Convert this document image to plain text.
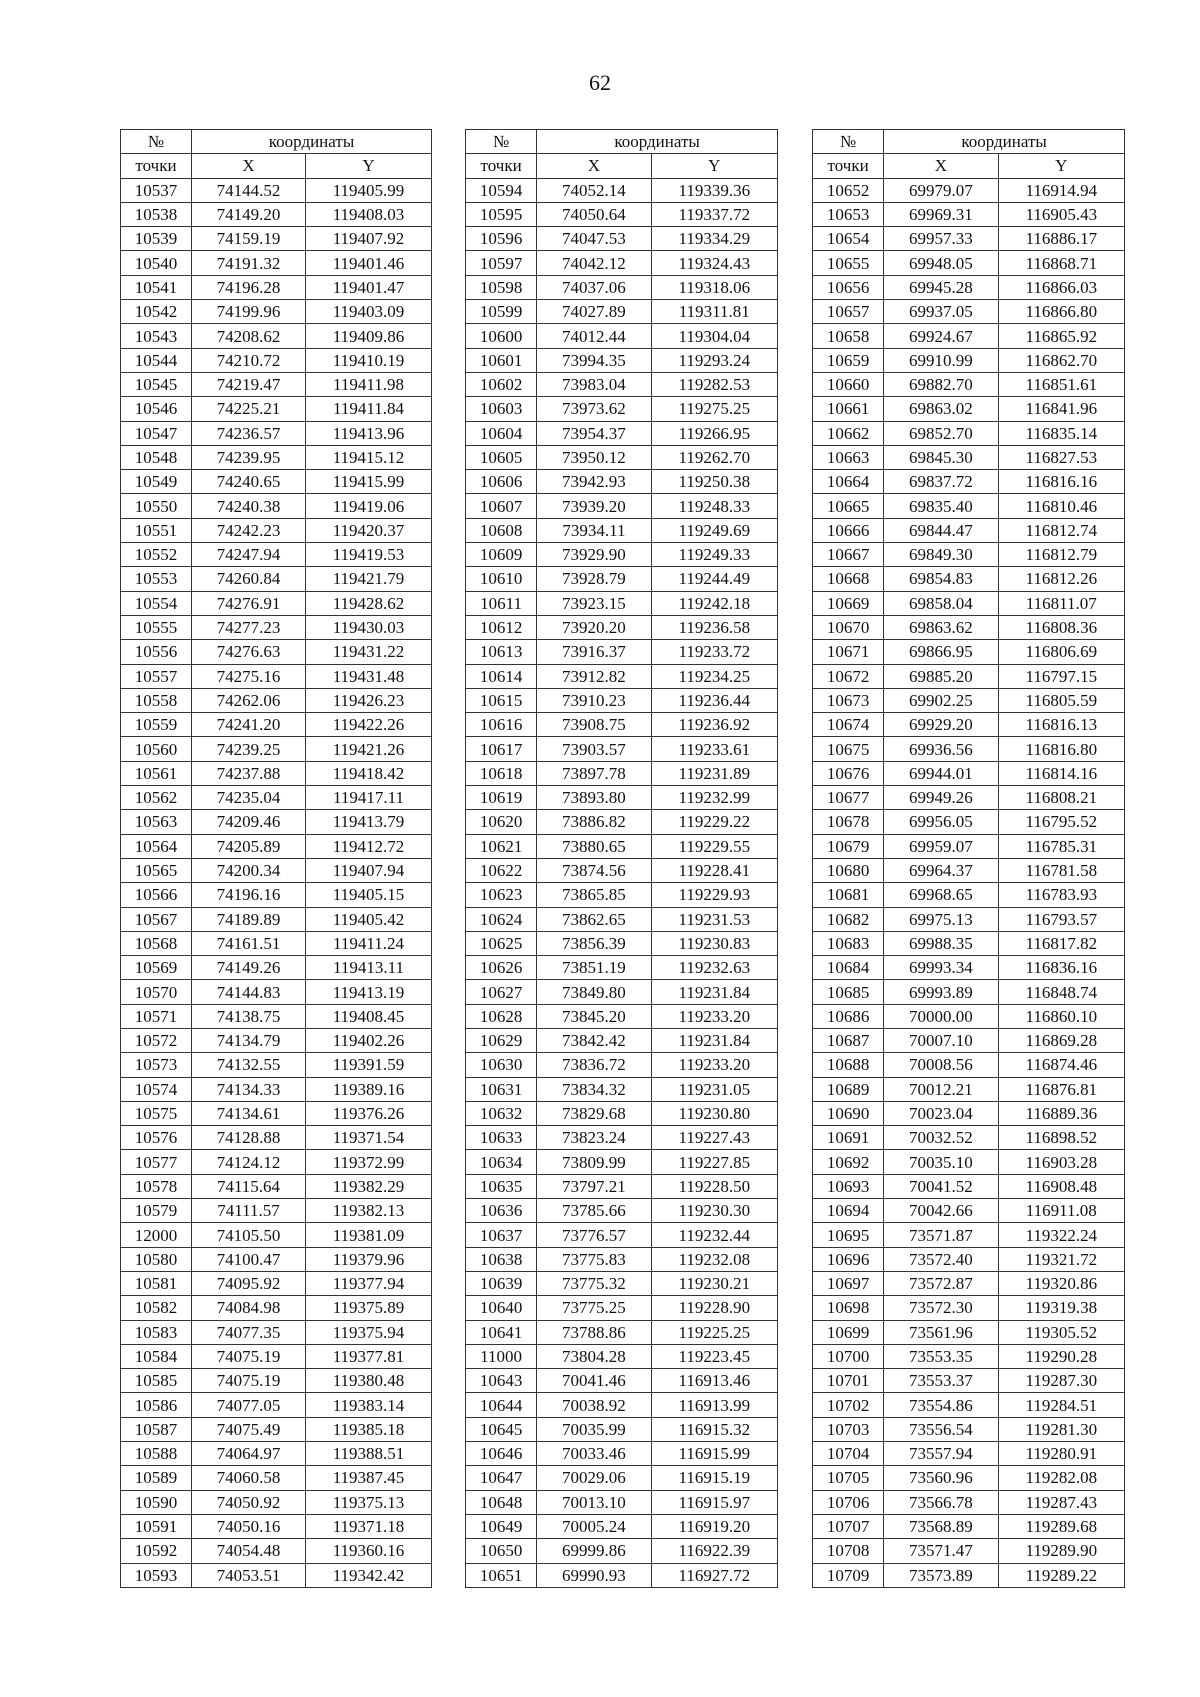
62
№	координаты	
точки	X	Y
10537	74144.52	119405.99
10538	74149.20	119408.03
10539	74159.19	119407.92
10540	74191.32	119401.46
10541	74196.28	119401.47
10542	74199.96	119403.09
10543	74208.62	119409.86
10544	74210.72	119410.19
10545	74219.47	119411.98
10546	74225.21	119411.84
10547	74236.57	119413.96
10548	74239.95	119415.12
10549	74240.65	119415.99
10550	74240.38	119419.06
10551	74242.23	119420.37
10552	74247.94	119419.53
10553	74260.84	119421.79
10554	74276.91	119428.62
10555	74277.23	119430.03
10556	74276.63	119431.22
10557	74275.16	119431.48
10558	74262.06	119426.23
10559	74241.20	119422.26
10560	74239.25	119421.26
10561	74237.88	119418.42
10562	74235.04	119417.11
10563	74209.46	119413.79
10564	74205.89	119412.72
10565	74200.34	119407.94
10566	74196.16	119405.15
10567	74189.89	119405.42
10568	74161.51	119411.24
10569	74149.26	119413.11
10570	74144.83	119413.19
10571	74138.75	119408.45
10572	74134.79	119402.26
10573	74132.55	119391.59
10574	74134.33	119389.16
10575	74134.61	119376.26
10576	74128.88	119371.54
10577	74124.12	119372.99
10578	74115.64	119382.29
10579	74111.57	119382.13
12000	74105.50	119381.09
10580	74100.47	119379.96
10581	74095.92	119377.94
10582	74084.98	119375.89
10583	74077.35	119375.94
10584	74075.19	119377.81
10585	74075.19	119380.48
10586	74077.05	119383.14
10587	74075.49	119385.18
10588	74064.97	119388.51
10589	74060.58	119387.45
10590	74050.92	119375.13
10591	74050.16	119371.18
10592	74054.48	119360.16
10593	74053.51	119342.42
№	координаты	
точки	X	Y
10594	74052.14	119339.36
10595	74050.64	119337.72
10596	74047.53	119334.29
10597	74042.12	119324.43
10598	74037.06	119318.06
10599	74027.89	119311.81
10600	74012.44	119304.04
10601	73994.35	119293.24
10602	73983.04	119282.53
10603	73973.62	119275.25
10604	73954.37	119266.95
10605	73950.12	119262.70
10606	73942.93	119250.38
10607	73939.20	119248.33
10608	73934.11	119249.69
10609	73929.90	119249.33
10610	73928.79	119244.49
10611	73923.15	119242.18
10612	73920.20	119236.58
10613	73916.37	119233.72
10614	73912.82	119234.25
10615	73910.23	119236.44
10616	73908.75	119236.92
10617	73903.57	119233.61
10618	73897.78	119231.89
10619	73893.80	119232.99
10620	73886.82	119229.22
10621	73880.65	119229.55
10622	73874.56	119228.41
10623	73865.85	119229.93
10624	73862.65	119231.53
10625	73856.39	119230.83
10626	73851.19	119232.63
10627	73849.80	119231.84
10628	73845.20	119233.20
10629	73842.42	119231.84
10630	73836.72	119233.20
10631	73834.32	119231.05
10632	73829.68	119230.80
10633	73823.24	119227.43
10634	73809.99	119227.85
10635	73797.21	119228.50
10636	73785.66	119230.30
10637	73776.57	119232.44
10638	73775.83	119232.08
10639	73775.32	119230.21
10640	73775.25	119228.90
10641	73788.86	119225.25
11000	73804.28	119223.45
10643	70041.46	116913.46
10644	70038.92	116913.99
10645	70035.99	116915.32
10646	70033.46	116915.99
10647	70029.06	116915.19
10648	70013.10	116915.97
10649	70005.24	116919.20
10650	69999.86	116922.39
10651	69990.93	116927.72
№	координаты	
точки	X	Y
10652	69979.07	116914.94
10653	69969.31	116905.43
10654	69957.33	116886.17
10655	69948.05	116868.71
10656	69945.28	116866.03
10657	69937.05	116866.80
10658	69924.67	116865.92
10659	69910.99	116862.70
10660	69882.70	116851.61
10661	69863.02	116841.96
10662	69852.70	116835.14
10663	69845.30	116827.53
10664	69837.72	116816.16
10665	69835.40	116810.46
10666	69844.47	116812.74
10667	69849.30	116812.79
10668	69854.83	116812.26
10669	69858.04	116811.07
10670	69863.62	116808.36
10671	69866.95	116806.69
10672	69885.20	116797.15
10673	69902.25	116805.59
10674	69929.20	116816.13
10675	69936.56	116816.80
10676	69944.01	116814.16
10677	69949.26	116808.21
10678	69956.05	116795.52
10679	69959.07	116785.31
10680	69964.37	116781.58
10681	69968.65	116783.93
10682	69975.13	116793.57
10683	69988.35	116817.82
10684	69993.34	116836.16
10685	69993.89	116848.74
10686	70000.00	116860.10
10687	70007.10	116869.28
10688	70008.56	116874.46
10689	70012.21	116876.81
10690	70023.04	116889.36
10691	70032.52	116898.52
10692	70035.10	116903.28
10693	70041.52	116908.48
10694	70042.66	116911.08
10695	73571.87	119322.24
10696	73572.40	119321.72
10697	73572.87	119320.86
10698	73572.30	119319.38
10699	73561.96	119305.52
10700	73553.35	119290.28
10701	73553.37	119287.30
10702	73554.86	119284.51
10703	73556.54	119281.30
10704	73557.94	119280.91
10705	73560.96	119282.08
10706	73566.78	119287.43
10707	73568.89	119289.68
10708	73571.47	119289.90
10709	73573.89	119289.22
